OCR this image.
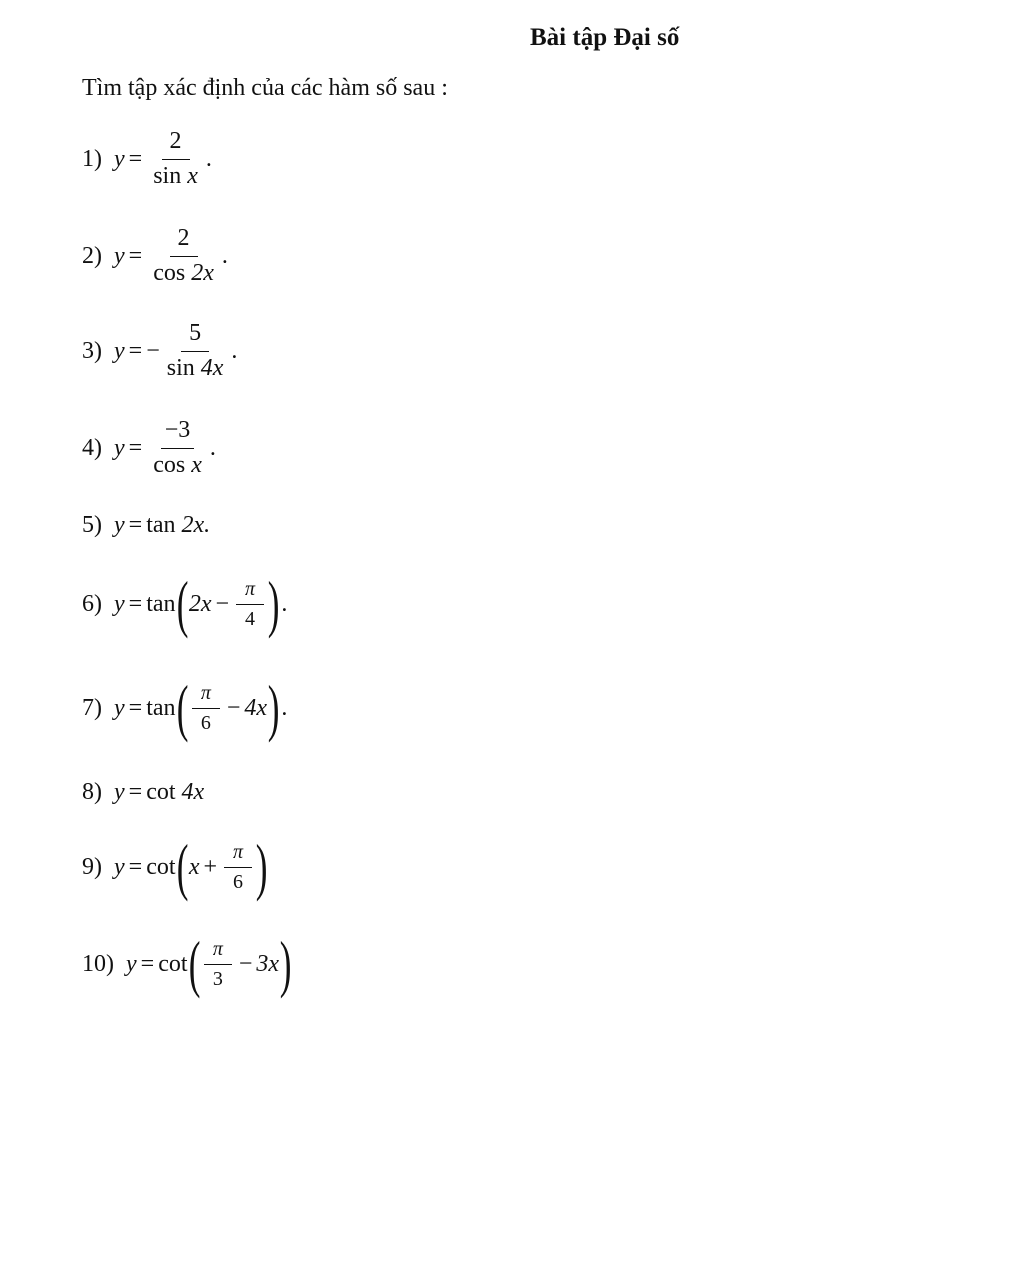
Bài tập Đại số
Tìm tập xác định của các hàm số sau :
1) $y = \frac{2}{\text{sin x}}$ .
2) $y = \frac{2}{\cos 2x}$ .
3) y = − $\frac{5}{\sin 4x}$ .
4) $y = \frac{-3}{\text{cos x}}$ .
5) y = tan
2x.
6) y = tan ( $2x - \frac{\pi}{4}$ ) .
7) y = tan ( $\frac{\pi}{6} - 4x$ ) .
8) y = cot
4x
9) y = cot ( $x + \frac{\pi}{6}$ )
10) y = cot ( $\frac{\pi}{3} - 3x$ )
